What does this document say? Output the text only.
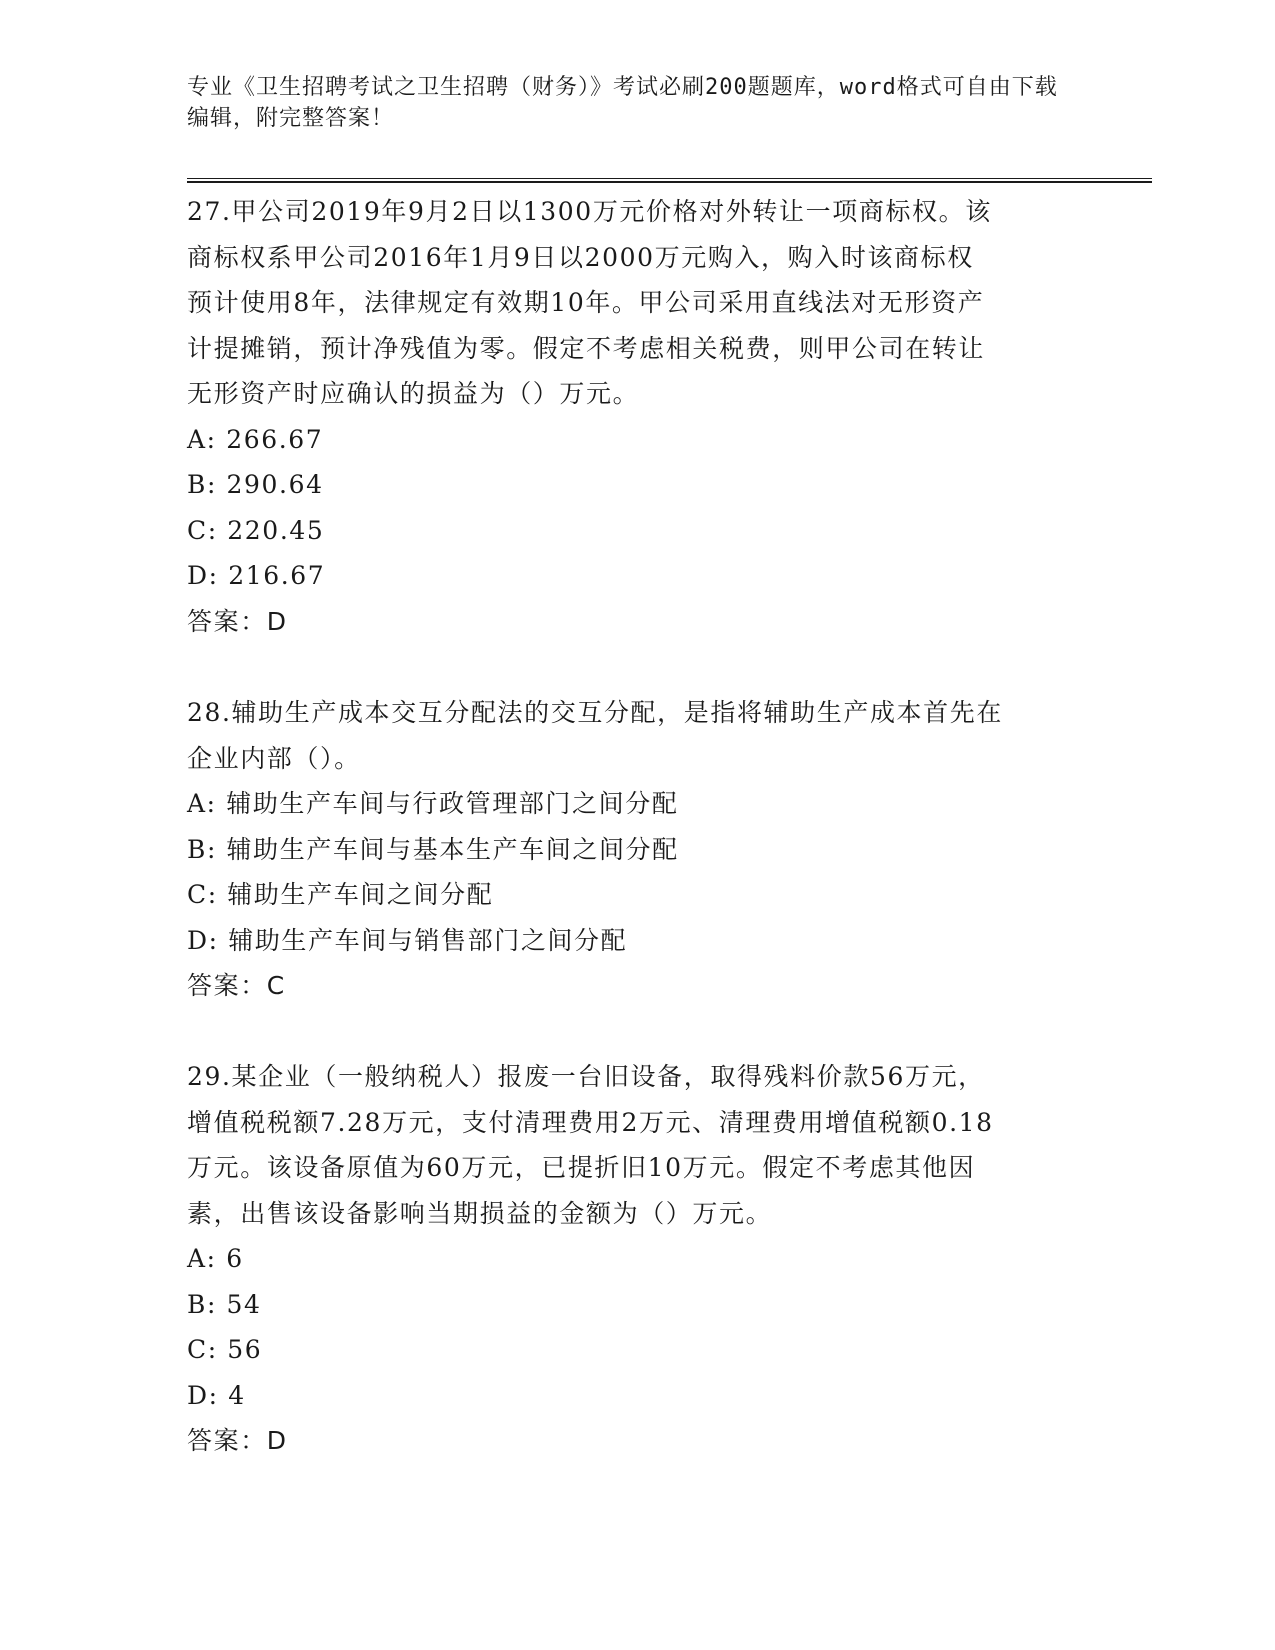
专业《卫生招聘考试之卫生招聘（财务）》考试必刷200题题库，word格式可自由下载编辑，附完整答案！

27.甲公司2019年9月2日以1300万元价格对外转让一项商标权。该

商标权系甲公司2016年1月9日以2000万元购入，购入时该商标权

预计使用8年，法律规定有效期10年。甲公司采用直线法对无形资产

计提摊销，预计净残值为零。假定不考虑相关税费，则甲公司在转让

无形资产时应确认的损益为（）万元。

A: 266.67

B: 290.64

C: 220.45

D: 216.67

答案：D

28.辅助生产成本交互分配法的交互分配，是指将辅助生产成本首先在

企业内部（）。

A: 辅助生产车间与行政管理部门之间分配

B: 辅助生产车间与基本生产车间之间分配

C: 辅助生产车间之间分配

D: 辅助生产车间与销售部门之间分配

答案：C

29.某企业（一般纳税人）报废一台旧设备，取得残料价款56万元，

增值税税额7.28万元，支付清理费用2万元、清理费用增值税额0.18

万元。该设备原值为60万元，已提折旧10万元。假定不考虑其他因

素，出售该设备影响当期损益的金额为（）万元。

A: 6

B: 54

C: 56

D: 4

答案：D
